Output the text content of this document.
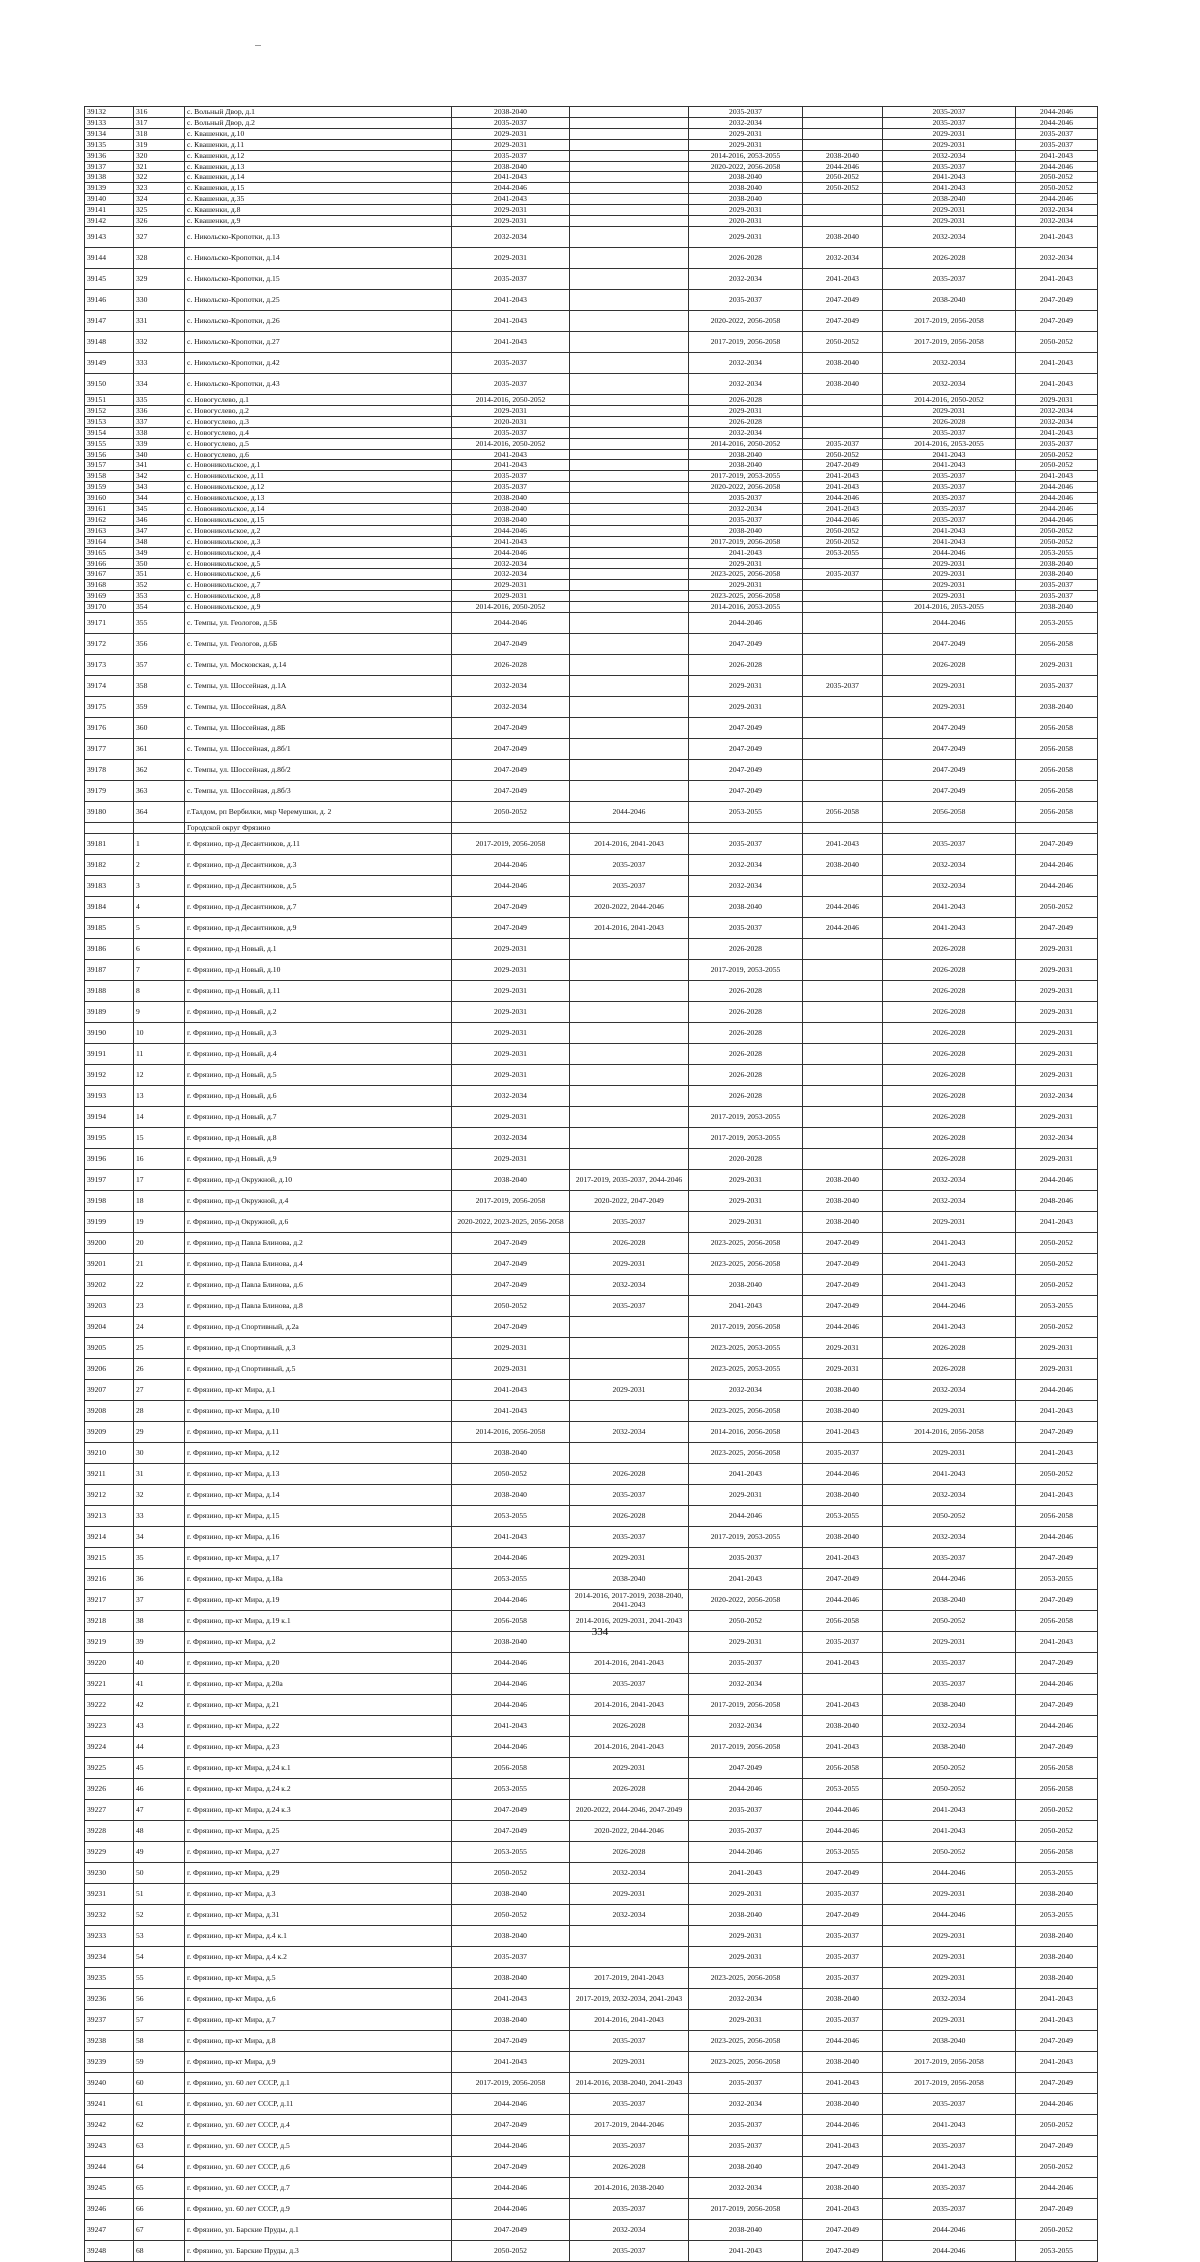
39132	316	с. Вольный Двор, д.1	2038-2040		2035-2037		2035-2037	2044-2046
39133	317	с. Вольный Двор, д.2	2035-2037		2032-2034		2035-2037	2044-2046
39134	318	с. Квашенки, д.10	2029-2031		2029-2031		2029-2031	2035-2037
39135	319	с. Квашенки, д.11	2029-2031		2029-2031		2029-2031	2035-2037
39136	320	с. Квашенки, д.12	2035-2037		2014-2016, 2053-2055	2038-2040	2032-2034	2041-2043
39137	321	с. Квашенки, д.13	2038-2040		2020-2022, 2056-2058	2044-2046	2035-2037	2044-2046
39138	322	с. Квашенки, д.14	2041-2043		2038-2040	2050-2052	2041-2043	2050-2052
39139	323	с. Квашенки, д.15	2044-2046		2038-2040	2050-2052	2041-2043	2050-2052
39140	324	с. Квашенки, д.35	2041-2043		2038-2040		2038-2040	2044-2046
39141	325	с. Квашенки, д.8	2029-2031		2029-2031		2029-2031	2032-2034
39142	326	с. Квашенки, д.9	2029-2031		2020-2031		2029-2031	2032-2034
39143	327	с. Никольско-Кропотки, д.13	2032-2034		2029-2031	2038-2040	2032-2034	2041-2043
39144	328	с. Никольско-Кропотки, д.14	2029-2031		2026-2028	2032-2034	2026-2028	2032-2034
39145	329	с. Никольско-Кропотки, д.15	2035-2037		2032-2034	2041-2043	2035-2037	2041-2043
39146	330	с. Никольско-Кропотки, д.25	2041-2043		2035-2037	2047-2049	2038-2040	2047-2049
39147	331	с. Никольско-Кропотки, д.26	2041-2043		2020-2022, 2056-2058	2047-2049	2017-2019, 2056-2058	2047-2049
39148	332	с. Никольско-Кропотки, д.27	2041-2043		2017-2019, 2056-2058	2050-2052	2017-2019, 2056-2058	2050-2052
39149	333	с. Никольско-Кропотки, д.42	2035-2037		2032-2034	2038-2040	2032-2034	2041-2043
39150	334	с. Никольско-Кропотки, д.43	2035-2037		2032-2034	2038-2040	2032-2034	2041-2043
39151	335	с. Новогуслево, д.1	2014-2016, 2050-2052		2026-2028		2014-2016, 2050-2052	2029-2031
39152	336	с. Новогуслево, д.2	2029-2031		2029-2031		2029-2031	2032-2034
39153	337	с. Новогуслево, д.3	2020-2031		2026-2028		2026-2028	2032-2034
39154	338	с. Новогуслево, д.4	2035-2037		2032-2034		2035-2037	2041-2043
39155	339	с. Новогуслево, д.5	2014-2016, 2050-2052		2014-2016, 2050-2052	2035-2037	2014-2016, 2053-2055	2035-2037
39156	340	с. Новогуслево, д.6	2041-2043		2038-2040	2050-2052	2041-2043	2050-2052
39157	341	с. Новоникольское, д.1	2041-2043		2038-2040	2047-2049	2041-2043	2050-2052
39158	342	с. Новоникольское, д.11	2035-2037		2017-2019, 2053-2055	2041-2043	2035-2037	2041-2043
39159	343	с. Новоникольское, д.12	2035-2037		2020-2022, 2056-2058	2041-2043	2035-2037	2044-2046
39160	344	с. Новоникольское, д.13	2038-2040		2035-2037	2044-2046	2035-2037	2044-2046
39161	345	с. Новоникольское, д.14	2038-2040		2032-2034	2041-2043	2035-2037	2044-2046
39162	346	с. Новоникольское, д.15	2038-2040		2035-2037	2044-2046	2035-2037	2044-2046
39163	347	с. Новоникольское, д.2	2044-2046		2038-2040	2050-2052	2041-2043	2050-2052
39164	348	с. Новоникольское, д.3	2041-2043		2017-2019, 2056-2058	2050-2052	2041-2043	2050-2052
39165	349	с. Новоникольское, д.4	2044-2046		2041-2043	2053-2055	2044-2046	2053-2055
39166	350	с. Новоникольское, д.5	2032-2034		2029-2031		2029-2031	2038-2040
39167	351	с. Новоникольское, д.6	2032-2034		2023-2025, 2056-2058	2035-2037	2029-2031	2038-2040
39168	352	с. Новоникольское, д.7	2029-2031		2029-2031		2029-2031	2035-2037
39169	353	с. Новоникольское, д.8	2029-2031		2023-2025, 2056-2058		2029-2031	2035-2037
39170	354	с. Новоникольское, д.9	2014-2016, 2050-2052		2014-2016, 2053-2055		2014-2016, 2053-2055	2038-2040
39171	355	с. Темпы, ул. Геологов, д.5Б	2044-2046		2044-2046		2044-2046	2053-2055
39172	356	с. Темпы, ул. Геологов, д.6Б	2047-2049		2047-2049		2047-2049	2056-2058
39173	357	с. Темпы, ул. Московская, д.14	2026-2028		2026-2028		2026-2028	2029-2031
39174	358	с. Темпы, ул. Шоссейная, д.1А	2032-2034		2029-2031	2035-2037	2029-2031	2035-2037
39175	359	с. Темпы, ул. Шоссейная, д.8А	2032-2034		2029-2031		2029-2031	2038-2040
39176	360	с. Темпы, ул. Шоссейная, д.8Б	2047-2049		2047-2049		2047-2049	2056-2058
39177	361	с. Темпы, ул. Шоссейная, д.8б/1	2047-2049		2047-2049		2047-2049	2056-2058
39178	362	с. Темпы, ул. Шоссейная, д.8б/2	2047-2049		2047-2049		2047-2049	2056-2058
39179	363	с. Темпы, ул. Шоссейная, д.8б/3	2047-2049		2047-2049		2047-2049	2056-2058
39180	364	г.Талдом, рп Вербилки, мкр Черемушки, д. 2	2050-2052	2044-2046	2053-2055	2056-2058	2056-2058	2056-2058
		Городской округ Фрязино						
39181	1	г. Фрязино, пр-д Десантников, д.11	2017-2019, 2056-2058	2014-2016, 2041-2043	2035-2037	2041-2043	2035-2037	2047-2049
39182	2	г. Фрязино, пр-д Десантников, д.3	2044-2046	2035-2037	2032-2034	2038-2040	2032-2034	2044-2046
39183	3	г. Фрязино, пр-д Десантников, д.5	2044-2046	2035-2037	2032-2034		2032-2034	2044-2046
39184	4	г. Фрязино, пр-д Десантников, д.7	2047-2049	2020-2022, 2044-2046	2038-2040	2044-2046	2041-2043	2050-2052
39185	5	г. Фрязино, пр-д Десантников, д.9	2047-2049	2014-2016, 2041-2043	2035-2037	2044-2046	2041-2043	2047-2049
39186	6	г. Фрязино, пр-д Новый, д.1	2029-2031		2026-2028		2026-2028	2029-2031
39187	7	г. Фрязино, пр-д Новый, д.10	2029-2031		2017-2019, 2053-2055		2026-2028	2029-2031
39188	8	г. Фрязино, пр-д Новый, д.11	2029-2031		2026-2028		2026-2028	2029-2031
39189	9	г. Фрязино, пр-д Новый, д.2	2029-2031		2026-2028		2026-2028	2029-2031
39190	10	г. Фрязино, пр-д Новый, д.3	2029-2031		2026-2028		2026-2028	2029-2031
39191	11	г. Фрязино, пр-д Новый, д.4	2029-2031		2026-2028		2026-2028	2029-2031
39192	12	г. Фрязино, пр-д Новый, д.5	2029-2031		2026-2028		2026-2028	2029-2031
39193	13	г. Фрязино, пр-д Новый, д.6	2032-2034		2026-2028		2026-2028	2032-2034
39194	14	г. Фрязино, пр-д Новый, д.7	2029-2031		2017-2019, 2053-2055		2026-2028	2029-2031
39195	15	г. Фрязино, пр-д Новый, д.8	2032-2034		2017-2019, 2053-2055		2026-2028	2032-2034
39196	16	г. Фрязино, пр-д Новый, д.9	2029-2031		2020-2028		2026-2028	2029-2031
39197	17	г. Фрязино, пр-д Окружной, д.10	2038-2040	2017-2019, 2035-2037, 2044-2046	2029-2031	2038-2040	2032-2034	2044-2046
39198	18	г. Фрязино, пр-д Окружной, д.4	2017-2019, 2056-2058	2020-2022, 2047-2049	2029-2031	2038-2040	2032-2034	2048-2046
39199	19	г. Фрязино, пр-д Окружной, д.6	2020-2022, 2023-2025, 2056-2058	2035-2037	2029-2031	2038-2040	2029-2031	2041-2043
39200	20	г. Фрязино, пр-д Павла Блинова, д.2	2047-2049	2026-2028	2023-2025, 2056-2058	2047-2049	2041-2043	2050-2052
39201	21	г. Фрязино, пр-д Павла Блинова, д.4	2047-2049	2029-2031	2023-2025, 2056-2058	2047-2049	2041-2043	2050-2052
39202	22	г. Фрязино, пр-д Павла Блинова, д.6	2047-2049	2032-2034	2038-2040	2047-2049	2041-2043	2050-2052
39203	23	г. Фрязино, пр-д Павла Блинова, д.8	2050-2052	2035-2037	2041-2043	2047-2049	2044-2046	2053-2055
39204	24	г. Фрязино, пр-д Спортивный, д.2а	2047-2049		2017-2019, 2056-2058	2044-2046	2041-2043	2050-2052
39205	25	г. Фрязино, пр-д Спортивный, д.3	2029-2031		2023-2025, 2053-2055	2029-2031	2026-2028	2029-2031
39206	26	г. Фрязино, пр-д Спортивный, д.5	2029-2031		2023-2025, 2053-2055	2029-2031	2026-2028	2029-2031
39207	27	г. Фрязино, пр-кт Мира, д.1	2041-2043	2029-2031	2032-2034	2038-2040	2032-2034	2044-2046
39208	28	г. Фрязино, пр-кт Мира, д.10	2041-2043		2023-2025, 2056-2058	2038-2040	2029-2031	2041-2043
39209	29	г. Фрязино, пр-кт Мира, д.11	2014-2016, 2056-2058	2032-2034	2014-2016, 2056-2058	2041-2043	2014-2016, 2056-2058	2047-2049
39210	30	г. Фрязино, пр-кт Мира, д.12	2038-2040		2023-2025, 2056-2058	2035-2037	2029-2031	2041-2043
39211	31	г. Фрязино, пр-кт Мира, д.13	2050-2052	2026-2028	2041-2043	2044-2046	2041-2043	2050-2052
39212	32	г. Фрязино, пр-кт Мира, д.14	2038-2040	2035-2037	2029-2031	2038-2040	2032-2034	2041-2043
39213	33	г. Фрязино, пр-кт Мира, д.15	2053-2055	2026-2028	2044-2046	2053-2055	2050-2052	2056-2058
39214	34	г. Фрязино, пр-кт Мира, д.16	2041-2043	2035-2037	2017-2019, 2053-2055	2038-2040	2032-2034	2044-2046
39215	35	г. Фрязино, пр-кт Мира, д.17	2044-2046	2029-2031	2035-2037	2041-2043	2035-2037	2047-2049
39216	36	г. Фрязино, пр-кт Мира, д.18а	2053-2055	2038-2040	2041-2043	2047-2049	2044-2046	2053-2055
39217	37	г. Фрязино, пр-кт Мира, д.19	2044-2046	2014-2016, 2017-2019, 2038-2040, 2041-2043	2020-2022, 2056-2058	2044-2046	2038-2040	2047-2049
39218	38	г. Фрязино, пр-кт Мира, д.19 к.1	2056-2058	2014-2016, 2029-2031, 2041-2043	2050-2052	2056-2058	2050-2052	2056-2058
39219	39	г. Фрязино, пр-кт Мира, д.2	2038-2040		2029-2031	2035-2037	2029-2031	2041-2043
39220	40	г. Фрязино, пр-кт Мира, д.20	2044-2046	2014-2016, 2041-2043	2035-2037	2041-2043	2035-2037	2047-2049
39221	41	г. Фрязино, пр-кт Мира, д.20а	2044-2046	2035-2037	2032-2034		2035-2037	2044-2046
39222	42	г. Фрязино, пр-кт Мира, д.21	2044-2046	2014-2016, 2041-2043	2017-2019, 2056-2058	2041-2043	2038-2040	2047-2049
39223	43	г. Фрязино, пр-кт Мира, д.22	2041-2043	2026-2028	2032-2034	2038-2040	2032-2034	2044-2046
39224	44	г. Фрязино, пр-кт Мира, д.23	2044-2046	2014-2016, 2041-2043	2017-2019, 2056-2058	2041-2043	2038-2040	2047-2049
39225	45	г. Фрязино, пр-кт Мира, д.24 к.1	2056-2058	2029-2031	2047-2049	2056-2058	2050-2052	2056-2058
39226	46	г. Фрязино, пр-кт Мира, д.24 к.2	2053-2055	2026-2028	2044-2046	2053-2055	2050-2052	2056-2058
39227	47	г. Фрязино, пр-кт Мира, д.24 к.3	2047-2049	2020-2022, 2044-2046, 2047-2049	2035-2037	2044-2046	2041-2043	2050-2052
39228	48	г. Фрязино, пр-кт Мира, д.25	2047-2049	2020-2022, 2044-2046	2035-2037	2044-2046	2041-2043	2050-2052
39229	49	г. Фрязино, пр-кт Мира, д.27	2053-2055	2026-2028	2044-2046	2053-2055	2050-2052	2056-2058
39230	50	г. Фрязино, пр-кт Мира, д.29	2050-2052	2032-2034	2041-2043	2047-2049	2044-2046	2053-2055
39231	51	г. Фрязино, пр-кт Мира, д.3	2038-2040	2029-2031	2029-2031	2035-2037	2029-2031	2038-2040
39232	52	г. Фрязино, пр-кт Мира, д.31	2050-2052	2032-2034	2038-2040	2047-2049	2044-2046	2053-2055
39233	53	г. Фрязино, пр-кт Мира, д.4 к.1	2038-2040		2029-2031	2035-2037	2029-2031	2038-2040
39234	54	г. Фрязино, пр-кт Мира, д.4 к.2	2035-2037		2029-2031	2035-2037	2029-2031	2038-2040
39235	55	г. Фрязино, пр-кт Мира, д.5	2038-2040	2017-2019, 2041-2043	2023-2025, 2056-2058	2035-2037	2029-2031	2038-2040
39236	56	г. Фрязино, пр-кт Мира, д.6	2041-2043	2017-2019, 2032-2034, 2041-2043	2032-2034	2038-2040	2032-2034	2041-2043
39237	57	г. Фрязино, пр-кт Мира, д.7	2038-2040	2014-2016, 2041-2043	2029-2031	2035-2037	2029-2031	2041-2043
39238	58	г. Фрязино, пр-кт Мира, д.8	2047-2049	2035-2037	2023-2025, 2056-2058	2044-2046	2038-2040	2047-2049
39239	59	г. Фрязино, пр-кт Мира, д.9	2041-2043	2029-2031	2023-2025, 2056-2058	2038-2040	2017-2019, 2056-2058	2041-2043
39240	60	г. Фрязино, ул. 60 лет СССР, д.1	2017-2019, 2056-2058	2014-2016, 2038-2040, 2041-2043	2035-2037	2041-2043	2017-2019, 2056-2058	2047-2049
39241	61	г. Фрязино, ул. 60 лет СССР, д.11	2044-2046	2035-2037	2032-2034	2038-2040	2035-2037	2044-2046
39242	62	г. Фрязино, ул. 60 лет СССР, д.4	2047-2049	2017-2019, 2044-2046	2035-2037	2044-2046	2041-2043	2050-2052
39243	63	г. Фрязино, ул. 60 лет СССР, д.5	2044-2046	2035-2037	2035-2037	2041-2043	2035-2037	2047-2049
39244	64	г. Фрязино, ул. 60 лет СССР, д.6	2047-2049	2026-2028	2038-2040	2047-2049	2041-2043	2050-2052
39245	65	г. Фрязино, ул. 60 лет СССР, д.7	2044-2046	2014-2016, 2038-2040	2032-2034	2038-2040	2035-2037	2044-2046
39246	66	г. Фрязино, ул. 60 лет СССР, д.9	2044-2046	2035-2037	2017-2019, 2056-2058	2041-2043	2035-2037	2047-2049
39247	67	г. Фрязино, ул. Барские Пруды, д.1	2047-2049	2032-2034	2038-2040	2047-2049	2044-2046	2050-2052
39248	68	г. Фрязино, ул. Барские Пруды, д.3	2050-2052	2035-2037	2041-2043	2047-2049	2044-2046	2053-2055
334
